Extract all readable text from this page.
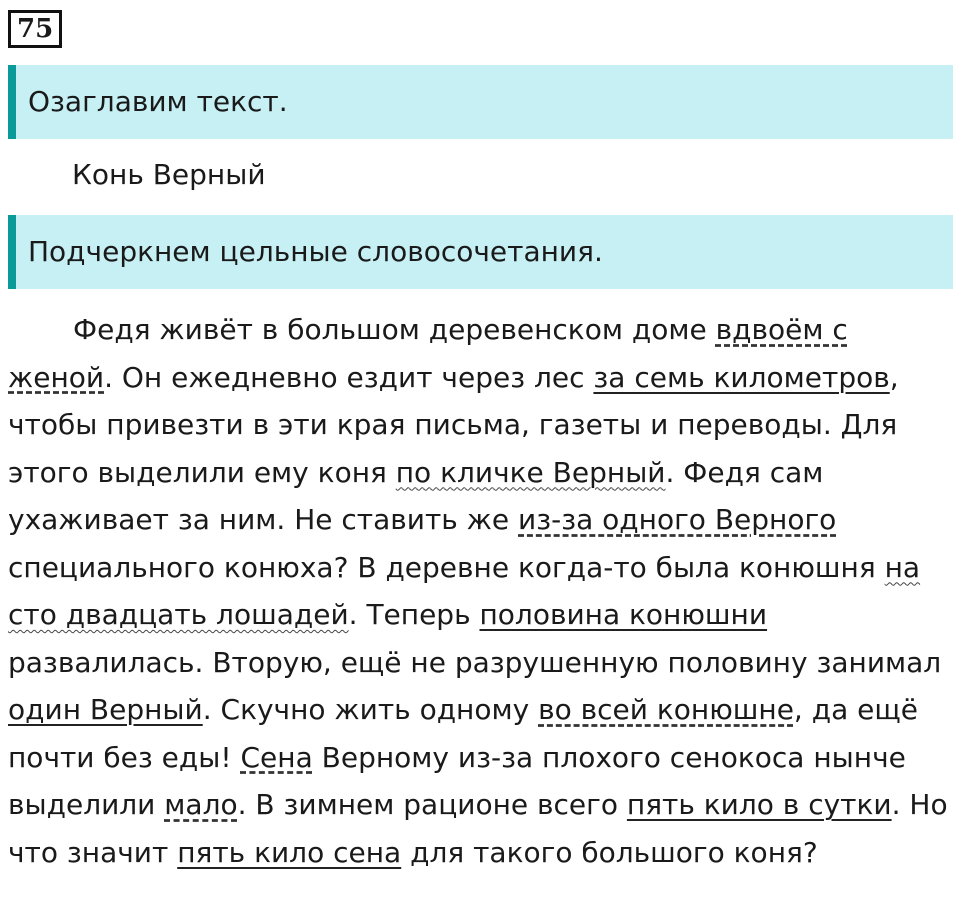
75
Озаглавим текст.
Конь Верный
Подчеркнем цельные словосочетания.
Федя живёт в большом деревенском доме вдвоём с женой. Он ежедневно ездит через лес за семь километров, чтобы привезти в эти края письма, газеты и переводы. Для этого выделили ему коня по кличке Верный. Федя сам ухаживает за ним. Не ставить же из-за одного Верного специального конюха? В деревне когда-то была конюшня на сто двадцать лошадей. Теперь половина конюшни развалилась. Вторую, ещё не разрушенную половину занимал один Верный. Скучно жить одному во всей конюшне, да ещё почти без еды! Сена Верному из-за плохого сенокоса нынче выделили мало. В зимнем рационе всего пять кило в сутки. Но что значит пять кило сена для такого большого коня?
